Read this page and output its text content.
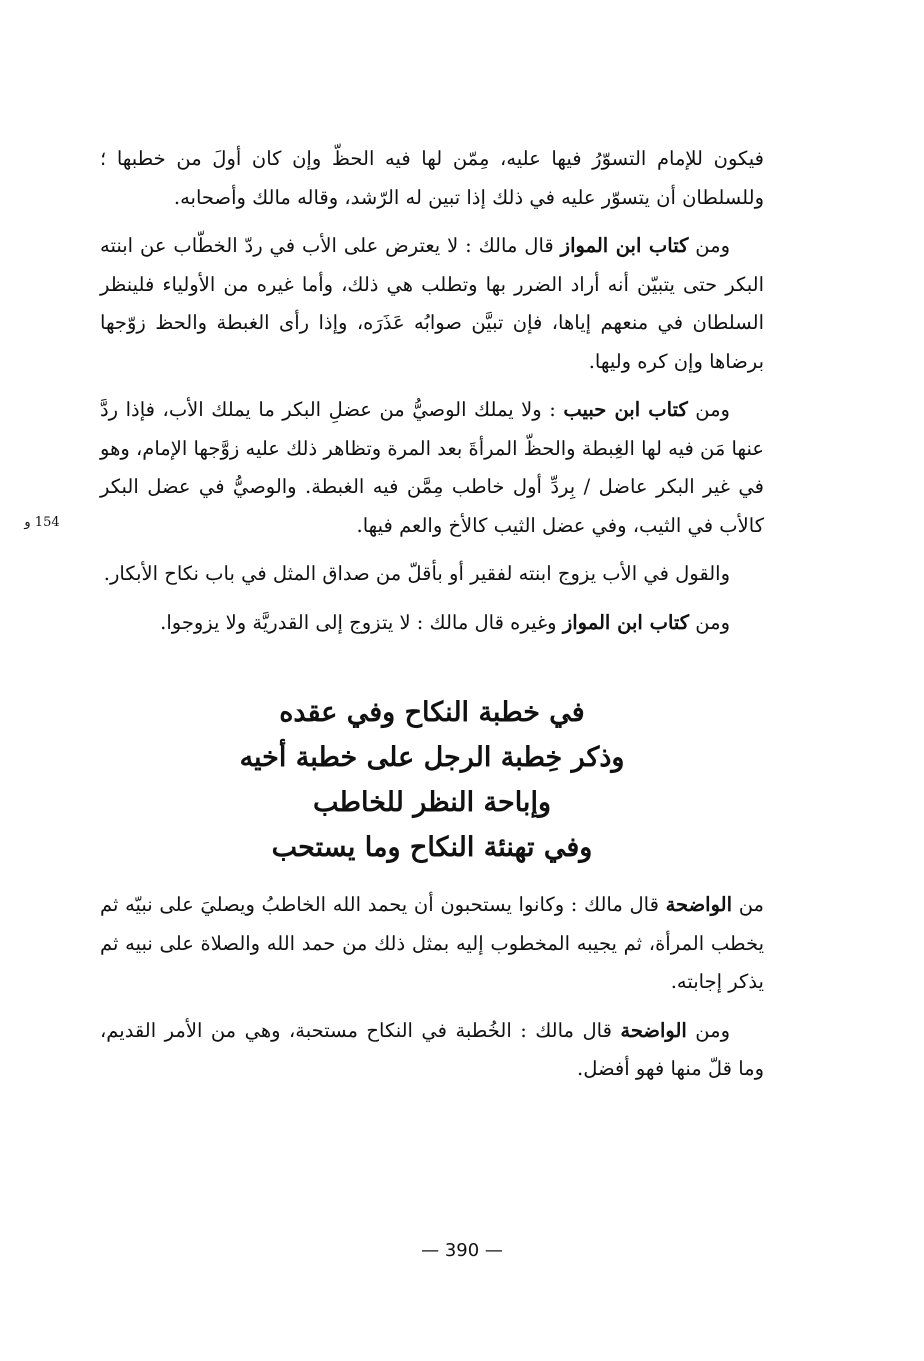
154 و

فيكون للإمام التسوّرُ فيها عليه، مِمّن لها فيه الحظّ وإن كان أولَ من خطبها ؛ وللسلطان أن يتسوّر عليه في ذلك إذا تبين له الرّشد، وقاله مالك وأصحابه.

ومن كتاب ابن المواز قال مالك : لا يعترض على الأب في ردّ الخطّاب عن ابنته البكر حتى يتبيّن أنه أراد الضرر بها وتطلب هي ذلك، وأما غيره من الأولياء فلينظر السلطان في منعهم إياها، فإن تبيَّن صوابُه عَذَرَه، وإذا رأى الغبطة والحظ زوّجها برضاها وإن كره وليها.

ومن كتاب ابن حبيب : ولا يملك الوصيُّ من عضلِ البكر ما يملك الأب، فإذا ردَّ عنها مَن فيه لها الغِبطة والحظّ المرأةَ بعد المرة وتظاهر ذلك عليه زوَّجها الإمام، وهو في غير البكر عاضل / بِردِّ أول خاطب مِمَّن فيه الغبطة. والوصيُّ في عضل البكر كالأب في الثيب، وفي عضل الثيب كالأخ والعم فيها.

والقول في الأب يزوج ابنته لفقير أو بأقلّ من صداق المثل في باب نكاح الأبكار.

ومن كتاب ابن المواز وغيره قال مالك : لا يتزوج إلى القدريَّة ولا يزوجوا.

في خطبة النكاح وفي عقده
وذكر خِطبة الرجل على خطبة أخيه
وإباحة النظر للخاطب
وفي تهنئة النكاح وما يستحب

من الواضحة قال مالك : وكانوا يستحبون أن يحمد الله الخاطبُ ويصليَ على نبيّه ثم يخطب المرأة، ثم يجيبه المخطوب إليه بمثل ذلك من حمد الله والصلاة على نبيه ثم يذكر إجابته.

ومن الواضحة قال مالك : الخُطبة في النكاح مستحبة، وهي من الأمر القديم، وما قلّ منها فهو أفضل.

— 390 —
